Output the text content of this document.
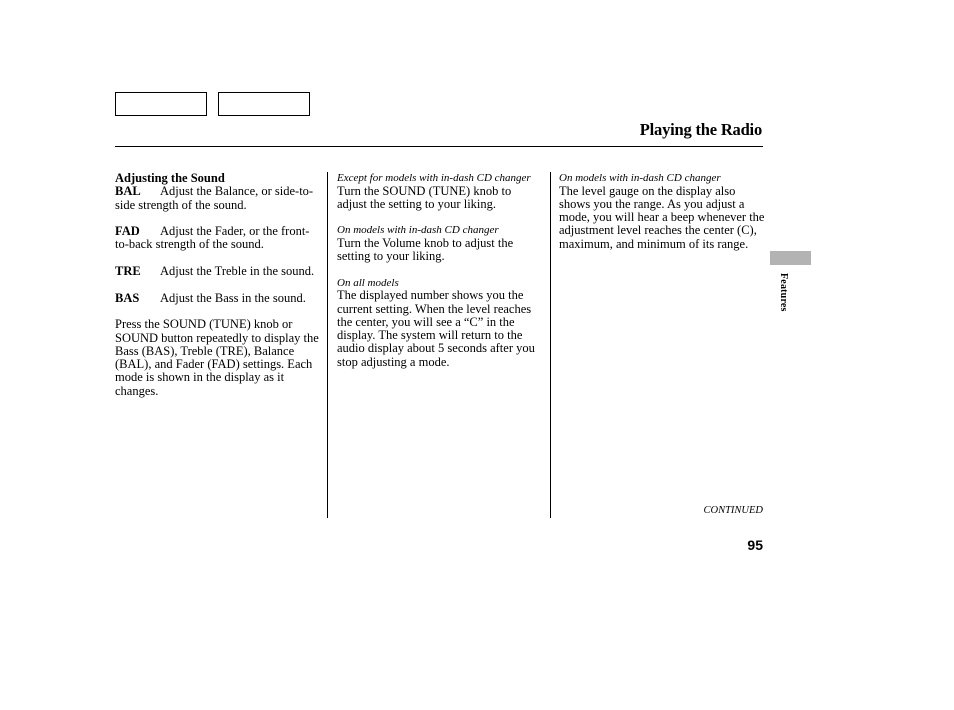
Playing the Radio

Adjusting the Sound

BAL Adjust the Balance, or side-to-side strength of the sound.

FAD Adjust the Fader, or the front-to-back strength of the sound.

TRE Adjust the Treble in the sound.

BAS Adjust the Bass in the sound.

Press the SOUND (TUNE) knob or SOUND button repeatedly to display the Bass (BAS), Treble (TRE), Balance (BAL), and Fader (FAD) settings. Each mode is shown in the display as it changes.

Except for models with in-dash CD changer

Turn the SOUND (TUNE) knob to adjust the setting to your liking.

On models with in-dash CD changer

Turn the Volume knob to adjust the setting to your liking.

On all models

The displayed number shows you the current setting. When the level reaches the center, you will see a “C” in the display. The system will return to the audio display about 5 seconds after you stop adjusting a mode.

On models with in-dash CD changer

The level gauge on the display also shows you the range. As you adjust a mode, you will hear a beep whenever the adjustment level reaches the center (C), maximum, and minimum of its range.

Features
CONTINUED
95
